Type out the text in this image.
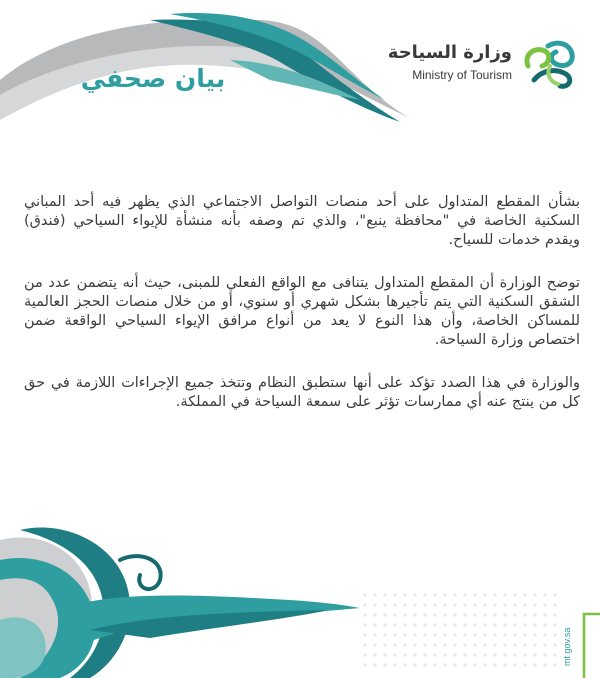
بيان صحفي
وزارة السياحة
Ministry of Tourism

بشأن المقطع المتداول على أحد منصات التواصل الاجتماعي الذي يظهر فيه أحد المباني السكنية الخاصة في "محافظة ينبع"، والذي تم وصفه بأنه منشأة للإيواء السياحي (فندق) ويقدم خدمات للسياح.

توضح الوزارة أن المقطع المتداول يتنافى مع الواقع الفعلي للمبنى، حيث أنه يتضمن عدد من الشقق السكنية التي يتم تأجيرها بشكل شهري أو سنوي، أو من خلال منصات الحجز العالمية للمساكن الخاصة، وأن هذا النوع لا يعد من أنواع مرافق الإيواء السياحي الواقعة ضمن اختصاص وزارة السياحة.

والوزارة في هذا الصدد تؤكد على أنها ستطبق النظام وتتخذ جميع الإجراءات اللازمة في حق كل من ينتج عنه أي ممارسات تؤثر على سمعة السياحة في المملكة.

mt.gov.sa
